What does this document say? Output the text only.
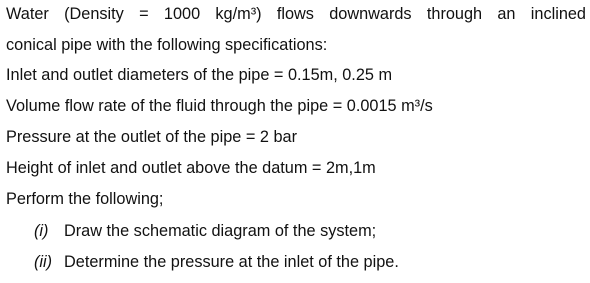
Water (Density = 1000 kg/m³) flows downwards through an inclined
conical pipe with the following specifications:
Inlet and outlet diameters of the pipe = 0.15m, 0.25 m
Volume flow rate of the fluid through the pipe = 0.0015 m³/s
Pressure at the outlet of the pipe = 2 bar
Height of inlet and outlet above the datum = 2m,1m
Perform the following;
(i) Draw the schematic diagram of the system;
(ii) Determine the pressure at the inlet of the pipe.
